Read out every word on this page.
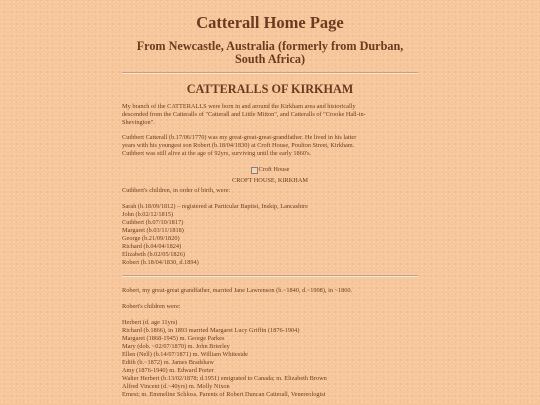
Catterall Home Page
From Newcastle, Australia (formerly from Durban,
South Africa)
CATTERALLS OF KIRKHAM

My branch of the CATTERALLS were born in and around the Kirkham area and historically
descended from the Catteralls of "Catterall and Little Mitton", and Catteralls of "Crooke Hall-in-
Shevington".

Cuthbert Catterall (b.17/06/1770) was my great-great-great-grandfather. He lived in his latter
years with his youngest son Robert (b.18/04/1830) at Croft House, Poulton Street, Kirkham.
Cuthbert was still alive at the age of 92yrs, surviving until the early 1860's.

Croft House
CROFT HOUSE, KIRKHAM

Cuthbert's children, in order of birth, were:

Sarah (b.18/09/1812) – registered at Particular Baptist, Inskip, Lancashire
John (b.02/12/1815)
Cuthbert (b.07/10/1817)
Margaret (b.03/11/1818)
George (b.21/09/1820)
Richard (b.04/04/1824)
Elizabeth (b.02/05/1826)
Robert (b.18/04/1830, d.1894)

Robert, my great-great grandfather, married Jane Lawrenson (b.~1840, d.~1908), in ~1860.

Robert's children were:

Herbert (d. age 11yrs)
Richard (b.1866), in 1893 married Margaret Lucy Griffin (1876-1904)
Margaret (1868-1945) m. George Parkes
Mary (dob. ~02/07/1870) m. John Brierley
Ellen (Nell) (b.14/07/1871) m. William Whiteside
Edith (b.~1872) m. James Bradshaw
Amy (1876-1940) m. Edward Porter
Walter Herbert (b.13/02/1878; d.1951) emigrated to Canada; m. Elizabeth Brown
Alfred Vincent (d.~40yrs) m. Molly Nixon
Ernest; m. Emmeline Schloss. Parents of Robert Duncan Catterall, Venereologist
